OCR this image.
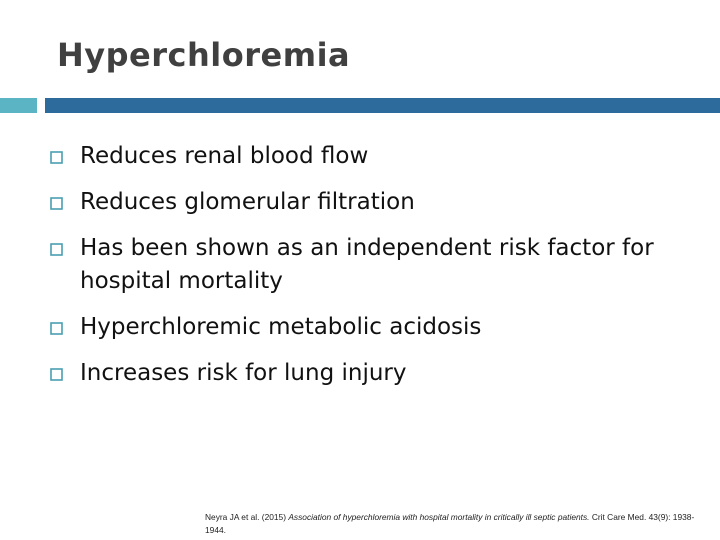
Hyperchloremia
Reduces renal blood flow
Reduces glomerular filtration
Has been shown as an independent risk factor for hospital mortality
Hyperchloremic metabolic acidosis
Increases risk for lung injury
Neyra JA et al. (2015) Association of hyperchloremia with hospital mortality in critically ill septic patients. Crit Care Med. 43(9): 1938-1944.
